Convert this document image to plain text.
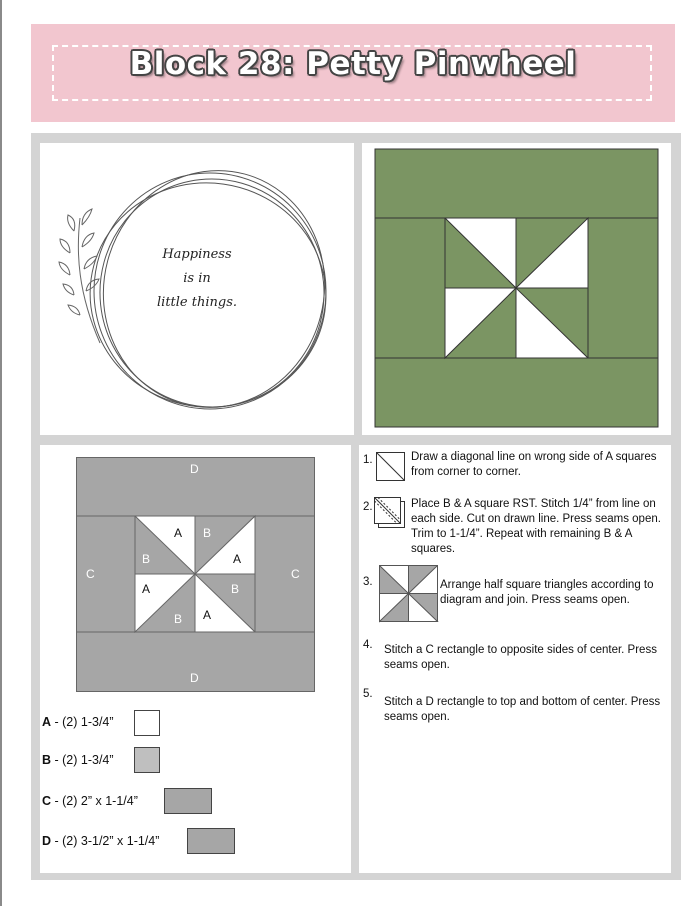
Block 28: Petty Pinwheel
Happiness
is in
little things.
D
D
C	C
A B
B	A
A	B
B A
A - (2) 1-3/4”
B - (2) 1-3/4”
C - (2) 2” x 1-1/4”
D - (2) 3-1/2” x 1-1/4”
1.	Draw a diagonal line on wrong side of A squares from corner to corner.
2.	Place B & A square RST. Stitch 1/4” from line on each side. Cut on drawn line. Press seams open. Trim to 1-1/4”. Repeat with remaining B & A squares.
3.	Arrange half square triangles according to diagram and join. Press seams open.
4. Stitch a C rectangle to opposite sides of center. Press seams open.
5.
Stitch a D rectangle to top and bottom of center. Press seams open.
